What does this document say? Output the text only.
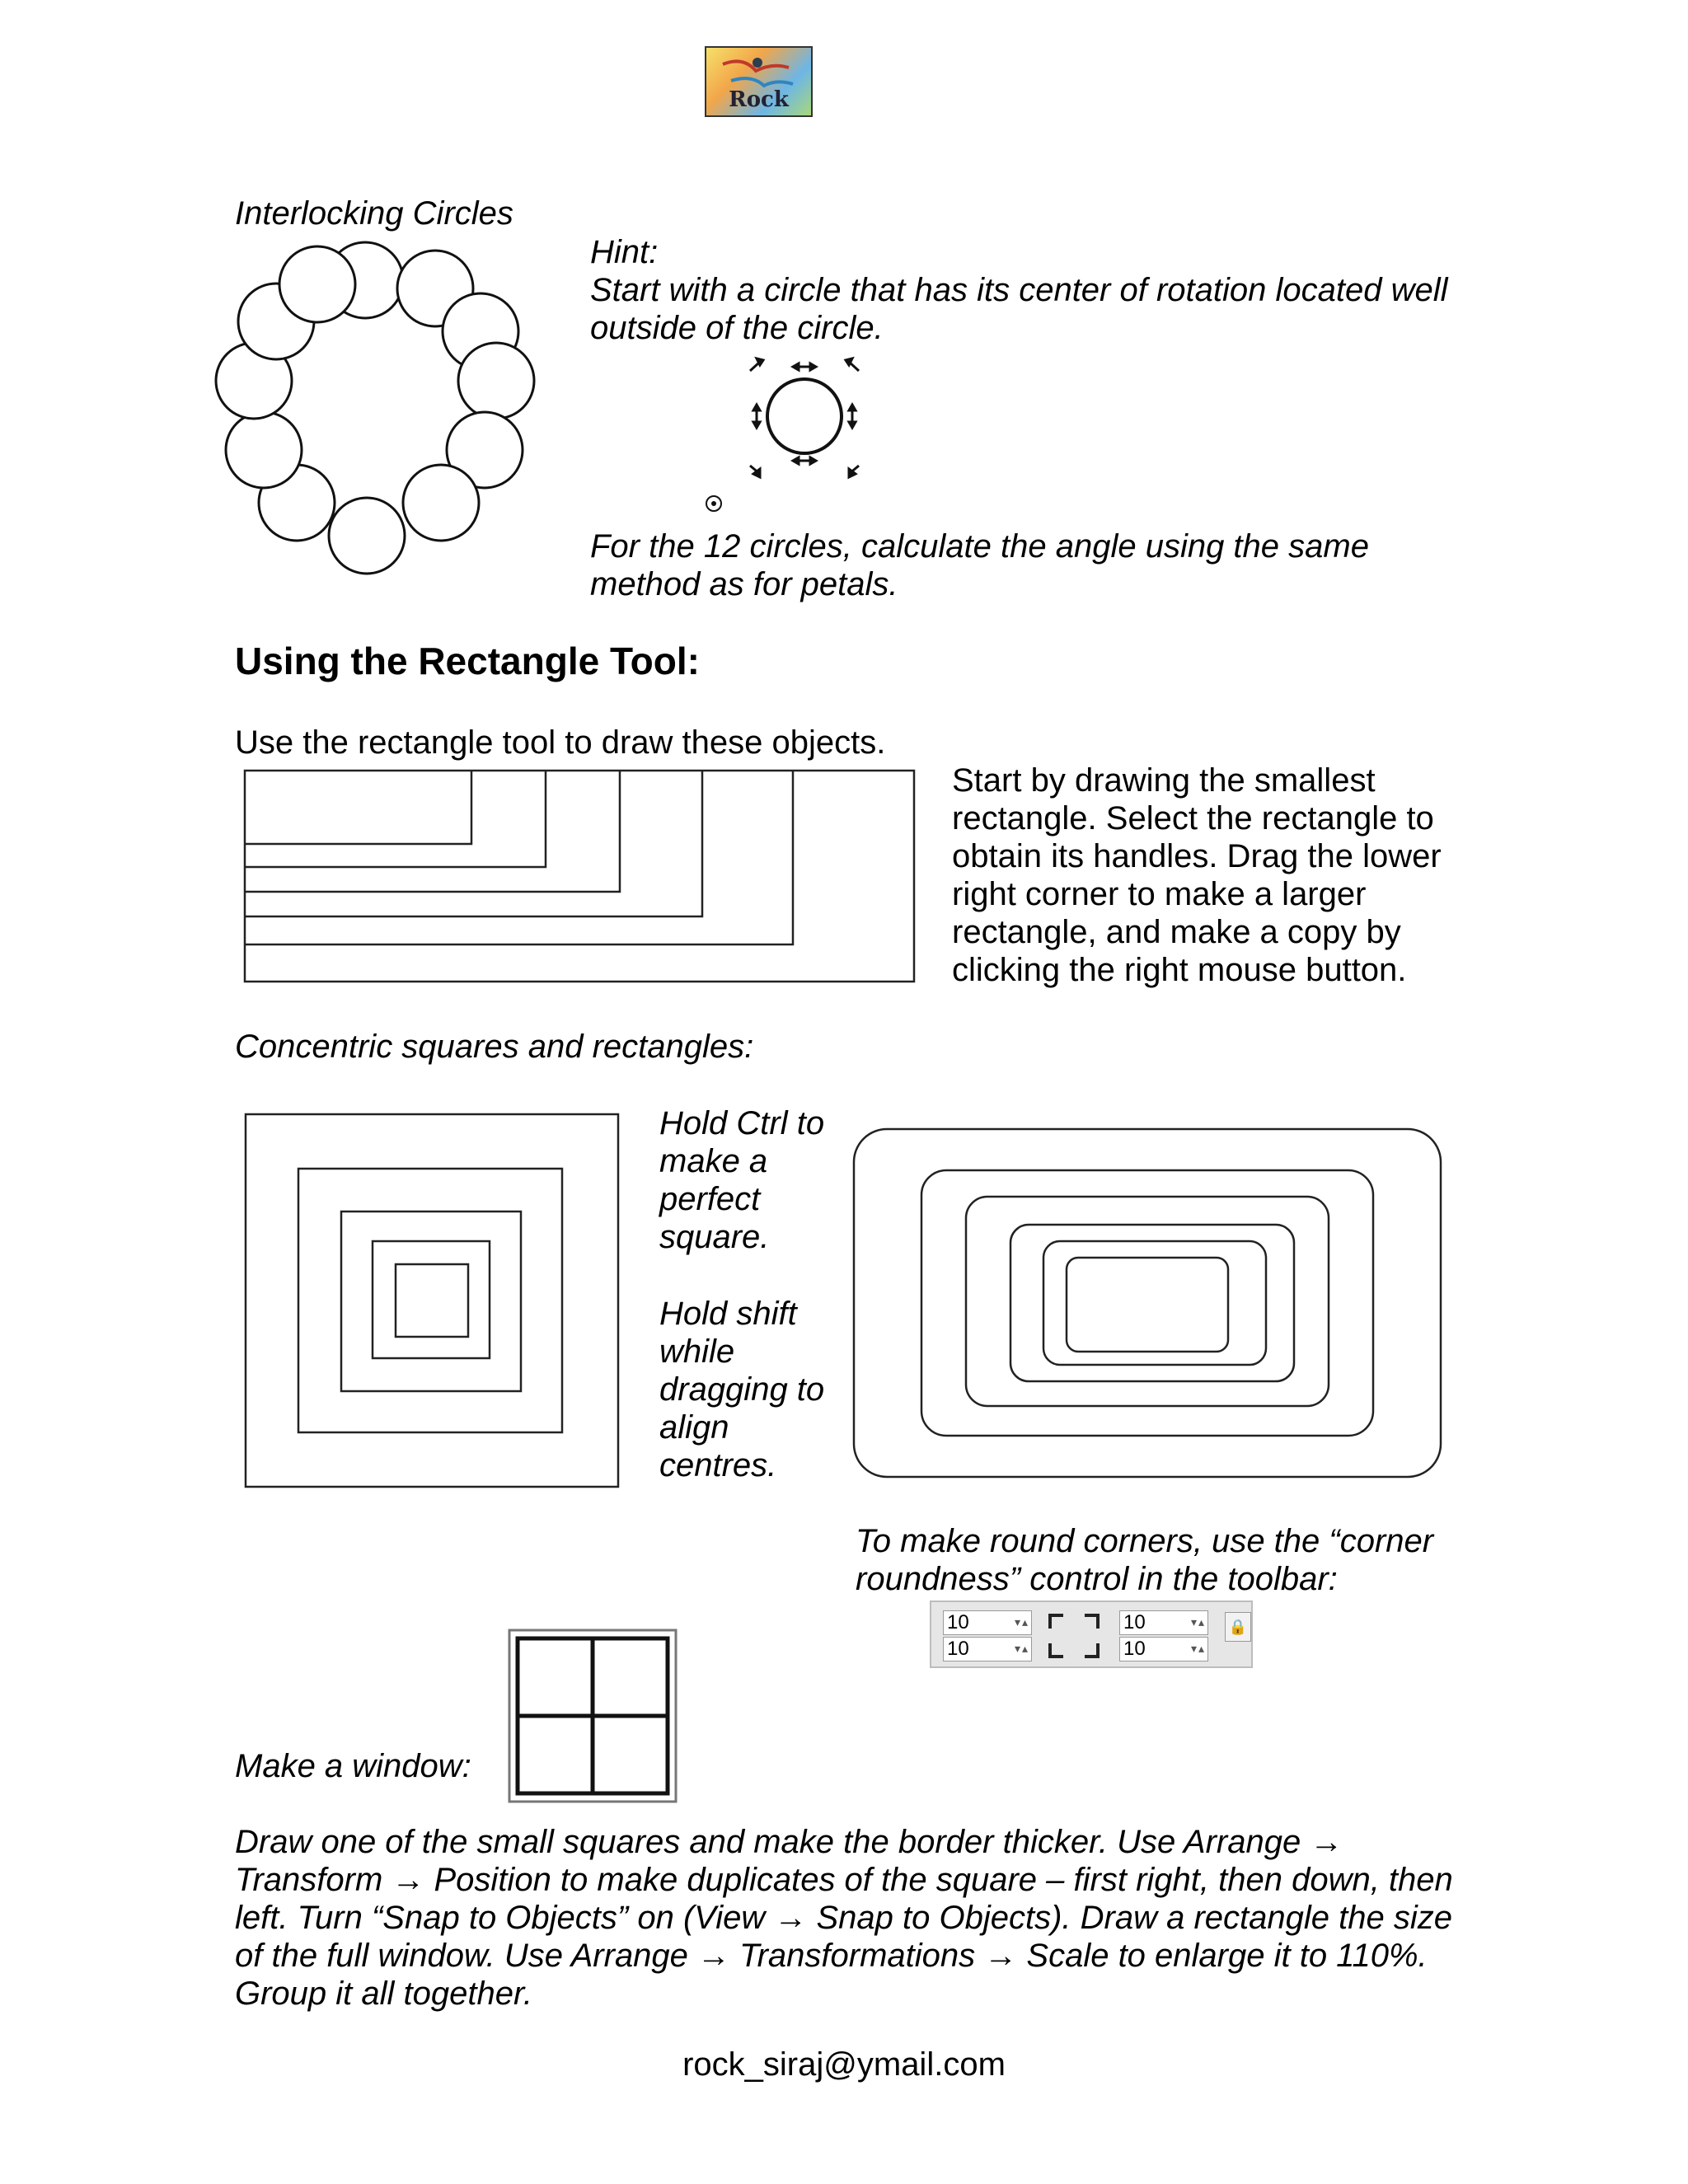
Rock
Interlocking Circles
Hint:
Start with a circle that has its center of rotation located well outside of the circle.
For the 12 circles, calculate the angle using the same method as for petals.
Using the Rectangle Tool:
Use the rectangle tool to draw these objects.
Start by drawing the smallest rectangle. Select the rectangle to obtain its handles. Drag the lower right corner to make a larger rectangle, and make a copy by clicking the right mouse button.
Concentric squares and rectangles:
Hold Ctrl to make a perfect square.
Hold shift while dragging to align centres.
To make round corners, use the “corner roundness” control in the toolbar:
10	▾▴
10	▾▴
10	▾▴
10	▾▴
🔒
Make a window:
Draw one of the small squares and make the border thicker. Use Arrange → Transform → Position to make duplicates of the square – first right, then down, then left. Turn “Snap to Objects” on (View → Snap to Objects). Draw a rectangle the size of the full window. Use Arrange → Transformations → Scale to enlarge it to 110%. Group it all together.
rock_siraj@ymail.com
